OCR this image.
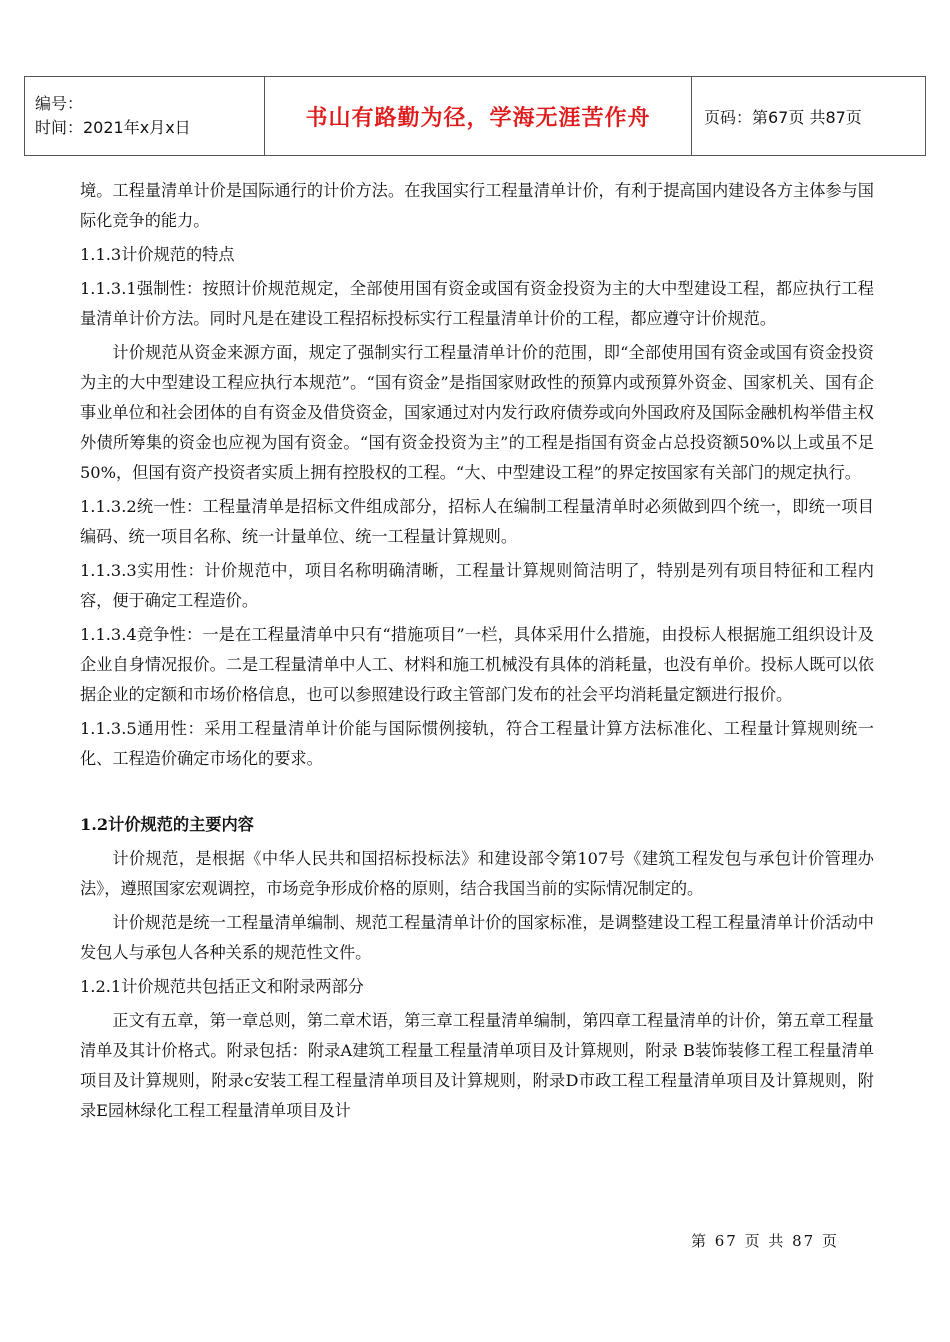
编号：
时间：2021年x月x日	书山有路勤为径，学海无涯苦作舟	页码：第67页 共87页

境。工程量清单计价是国际通行的计价方法。在我国实行工程量清单计价，有利于提高国内建设各方主体参与国际化竞争的能力。

1.1.3计价规范的特点

1.1.3.1强制性：按照计价规范规定，全部使用国有资金或国有资金投资为主的大中型建设工程，都应执行工程量清单计价方法。同时凡是在建设工程招标投标实行工程量清单计价的工程，都应遵守计价规范。

计价规范从资金来源方面，规定了强制实行工程量清单计价的范围，即“全部使用国有资金或国有资金投资为主的大中型建设工程应执行本规范”。“国有资金”是指国家财政性的预算内或预算外资金、国家机关、国有企事业单位和社会团体的自有资金及借贷资金，国家通过对内发行政府债券或向外国政府及国际金融机构举借主权外债所筹集的资金也应视为国有资金。“国有资金投资为主”的工程是指国有资金占总投资额50%以上或虽不足50%，但国有资产投资者实质上拥有控股权的工程。“大、中型建设工程”的界定按国家有关部门的规定执行。

1.1.3.2统一性：工程量清单是招标文件组成部分，招标人在编制工程量清单时必须做到四个统一，即统一项目编码、统一项目名称、统一计量单位、统一工程量计算规则。

1.1.3.3实用性：计价规范中，项目名称明确清晰，工程量计算规则简洁明了，特别是列有项目特征和工程内容，便于确定工程造价。

1.1.3.4竞争性：一是在工程量清单中只有“措施项目”一栏，具体采用什么措施，由投标人根据施工组织设计及企业自身情况报价。二是工程量清单中人工、材料和施工机械没有具体的消耗量，也没有单价。投标人既可以依据企业的定额和市场价格信息，也可以参照建设行政主管部门发布的社会平均消耗量定额进行报价。

1.1.3.5通用性：采用工程量清单计价能与国际惯例接轨，符合工程量计算方法标准化、工程量计算规则统一化、工程造价确定市场化的要求。

1.2计价规范的主要内容

计价规范，是根据《中华人民共和国招标投标法》和建设部令第107号《建筑工程发包与承包计价管理办法》，遵照国家宏观调控，市场竞争形成价格的原则，结合我国当前的实际情况制定的。

计价规范是统一工程量清单编制、规范工程量清单计价的国家标准，是调整建设工程工程量清单计价活动中发包人与承包人各种关系的规范性文件。

1.2.1计价规范共包括正文和附录两部分

正文有五章，第一章总则，第二章术语，第三章工程量清单编制，第四章工程量清单的计价，第五章工程量清单及其计价格式。附录包括：附录A建筑工程量工程量清单项目及计算规则，附录 B装饰装修工程工程量清单项目及计算规则，附录c安装工程工程量清单项目及计算规则，附录D市政工程工程量清单项目及计算规则，附录E园林绿化工程工程量清单项目及计

第 67 页 共 87 页
